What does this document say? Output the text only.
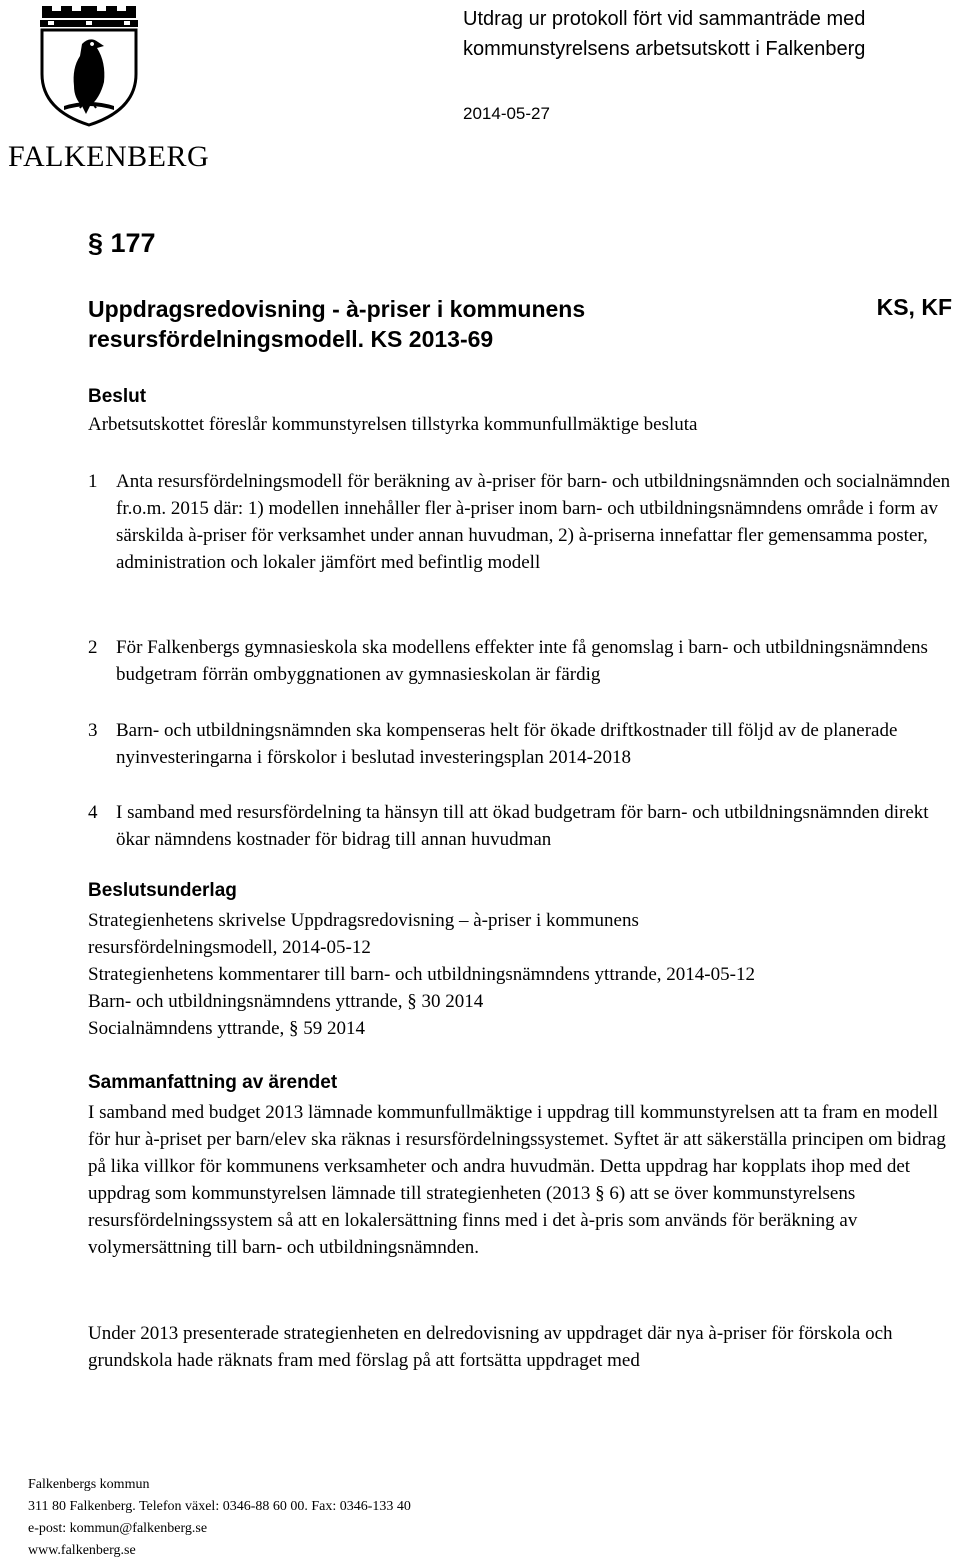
FALKENBERG
Utdrag ur protokoll fört vid sammanträde med
kommunstyrelsens arbetsutskott i Falkenberg
2014-05-27
§ 177
Uppdragsredovisning - à-priser i kommunens
resursfördelningsmodell. KS 2013-69
KS, KF
Beslut
Arbetsutskottet föreslår kommunstyrelsen tillstyrka kommunfullmäktige besluta
1 Anta resursfördelningsmodell för beräkning av à-priser för barn- och utbildningsnämnden och socialnämnden fr.o.m. 2015 där: 1) modellen innehåller fler à-priser inom barn- och utbildningsnämndens område i form av särskilda à-priser för verksamhet under annan huvudman, 2) à-priserna innefattar fler gemensamma poster, administration och lokaler jämfört med befintlig modell
2 För Falkenbergs gymnasieskola ska modellens effekter inte få genomslag i barn- och utbildningsnämndens budgetram förrän ombyggnationen av gymnasieskolan är färdig
3 Barn- och utbildningsnämnden ska kompenseras helt för ökade driftkostnader till följd av de planerade nyinvesteringarna i förskolor i beslutad investeringsplan 2014-2018
4 I samband med resursfördelning ta hänsyn till att ökad budgetram för barn- och utbildningsnämnden direkt ökar nämndens kostnader för bidrag till annan huvudman
Beslutsunderlag
Strategienhetens skrivelse Uppdragsredovisning – à-priser i kommunens
resursfördelningsmodell, 2014-05-12
Strategienhetens kommentarer till barn- och utbildningsnämndens yttrande, 2014-05-12
Barn- och utbildningsnämndens yttrande, § 30 2014
Socialnämndens yttrande, § 59 2014
Sammanfattning av ärendet

I samband med budget 2013 lämnade kommunfullmäktige i uppdrag till kommunstyrelsen att ta fram en modell för hur à-priset per barn/elev ska räknas i resursfördelningssystemet. Syftet är att säkerställa principen om bidrag på lika villkor för kommunens verksamheter och andra huvudmän. Detta uppdrag har kopplats ihop med det uppdrag som kommunstyrelsen lämnade till strategienheten (2013 § 6) att se över kommunstyrelsens resursfördelningssystem så att en lokalersättning finns med i det à-pris som används för beräkning av volymersättning till barn- och utbildningsnämnden.

Under 2013 presenterade strategienheten en delredovisning av uppdraget där nya à-priser för förskola och grundskola hade räknats fram med förslag på att fortsätta uppdraget med

Falkenbergs kommun
311 80 Falkenberg. Telefon växel: 0346-88 60 00. Fax: 0346-133 40
e-post: kommun@falkenberg.se
www.falkenberg.se
